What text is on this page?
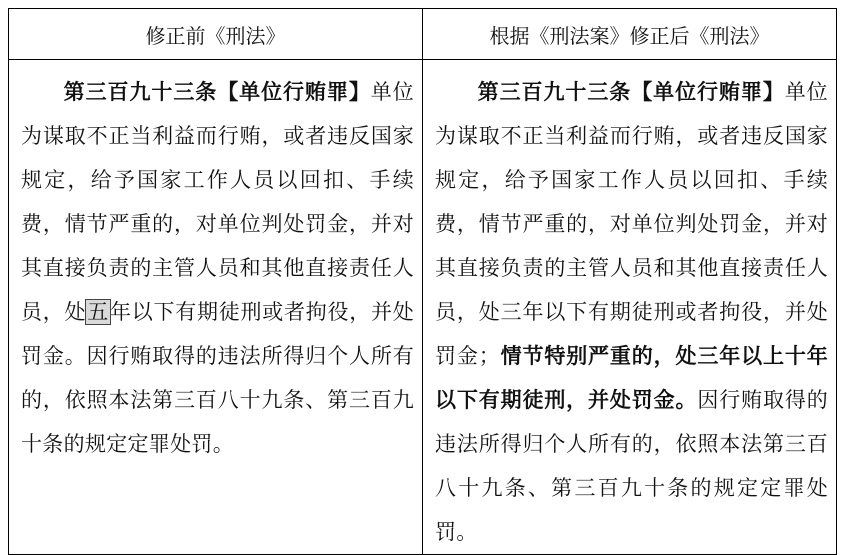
修正前《刑法》	根据《刑法案》修正后《刑法》

第三百九十三条【单位行贿罪】单位为谋取不正当利益而行贿，或者违反国家规定，给予国家工作人员以回扣、手续费，情节严重的，对单位判处罚金，并对其直接负责的主管人员和其他直接责任人员，处五年以下有期徒刑或者拘役，并处罚金。因行贿取得的违法所得归个人所有的，依照本法第三百八十九条、第三百九十条的规定定罪处罚。	第三百九十三条【单位行贿罪】单位为谋取不正当利益而行贿，或者违反国家规定，给予国家工作人员以回扣、手续费，情节严重的，对单位判处罚金，并对其直接负责的主管人员和其他直接责任人员，处三年以下有期徒刑或者拘役，并处罚金；情节特别严重的，处三年以上十年以下有期徒刑，并处罚金。因行贿取得的违法所得归个人所有的，依照本法第三百八十九条、第三百九十条的规定定罪处罚。
